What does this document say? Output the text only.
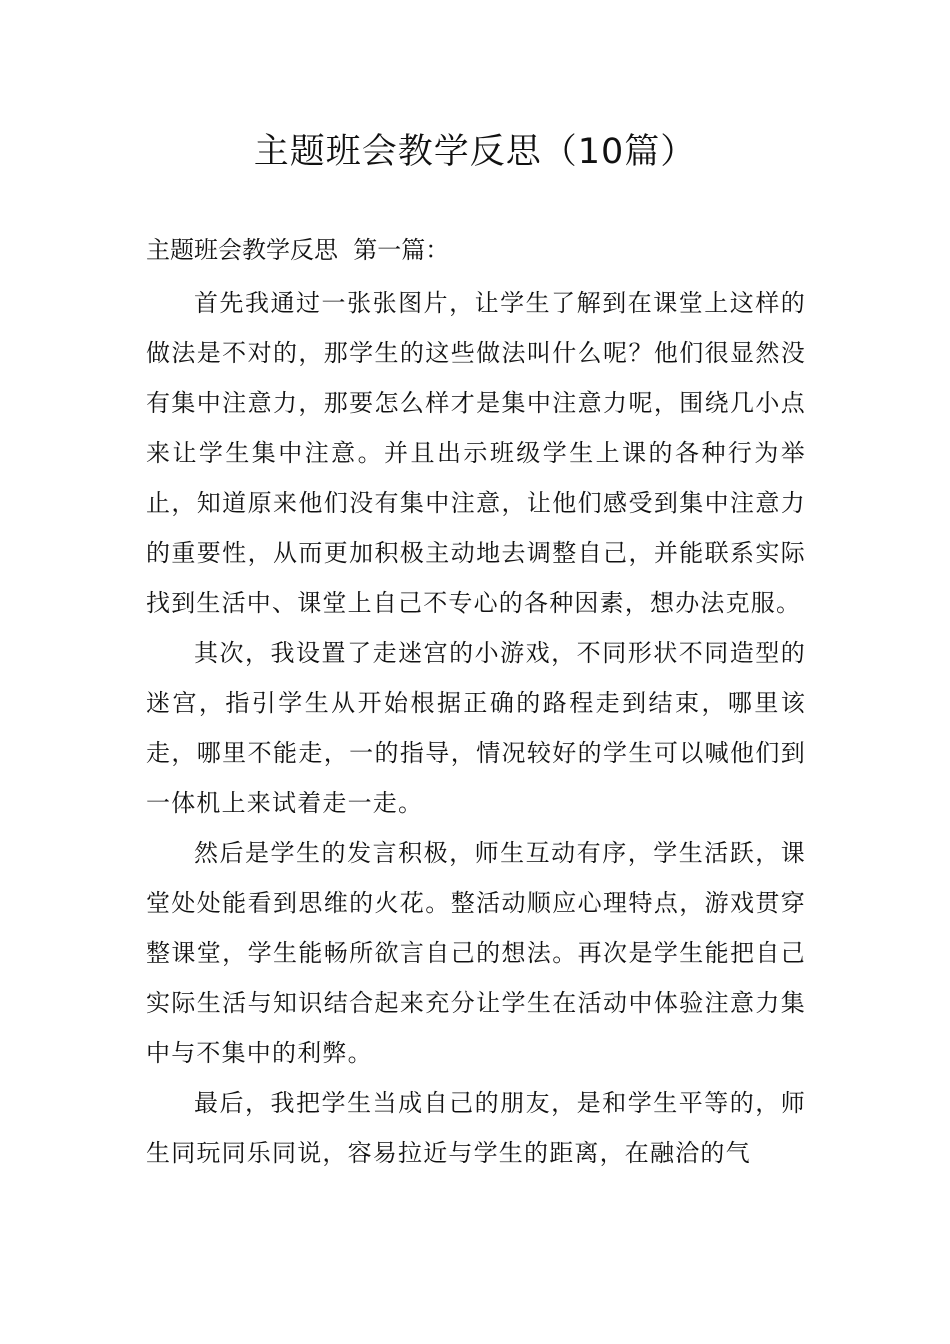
主题班会教学反思（10篇）

主题班会教学反思  第一篇：

首先我通过一张张图片，让学生了解到在课堂上这样的做法是不对的，那学生的这些做法叫什么呢？他们很显然没有集中注意力，那要怎么样才是集中注意力呢，围绕几小点来让学生集中注意。并且出示班级学生上课的各种行为举止，知道原来他们没有集中注意，让他们感受到集中注意力的重要性，从而更加积极主动地去调整自己，并能联系实际找到生活中、课堂上自己不专心的各种因素，想办法克服。

其次，我设置了走迷宫的小游戏，不同形状不同造型的迷宫，指引学生从开始根据正确的路程走到结束，哪里该走，哪里不能走，一的指导，情况较好的学生可以喊他们到一体机上来试着走一走。

然后是学生的发言积极，师生互动有序，学生活跃，课堂处处能看到思维的火花。整活动顺应心理特点，游戏贯穿整课堂，学生能畅所欲言自己的想法。再次是学生能把自己实际生活与知识结合起来充分让学生在活动中体验注意力集中与不集中的利弊。

最后，我把学生当成自己的朋友，是和学生平等的，师生同玩同乐同说，容易拉近与学生的距离，在融洽的气
